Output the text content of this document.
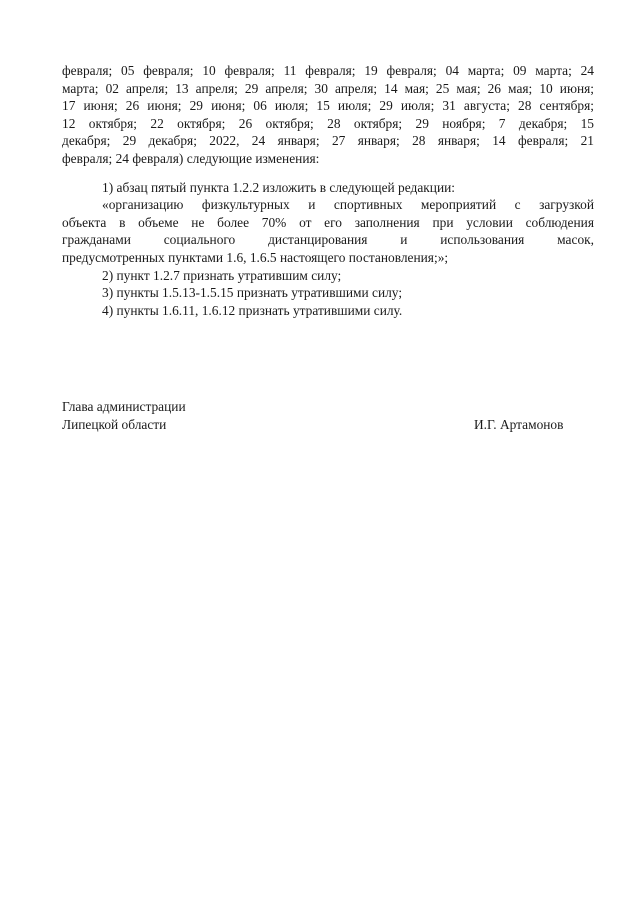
февраля; 05 февраля; 10 февраля; 11 февраля; 19 февраля; 04 марта; 09 марта; 24
марта; 02 апреля; 13 апреля; 29 апреля; 30 апреля; 14 мая; 25 мая; 26 мая; 10 июня;
17 июня; 26 июня; 29 июня; 06 июля; 15 июля; 29 июля; 31 августа; 28 сентября;
12 октября; 22 октября; 26 октября; 28 октября; 29 ноября; 7 декабря; 15
декабря; 29 декабря; 2022, 24 января; 27 января; 28 января; 14 февраля; 21
февраля; 24 февраля) следующие изменения:
1) абзац пятый пункта 1.2.2 изложить в следующей редакции:
«организацию физкультурных и спортивных мероприятий с загрузкой
объекта в объеме не более 70% от его заполнения при условии соблюдения
гражданами социального дистанцирования и использования масок,
предусмотренных пунктами 1.6, 1.6.5 настоящего постановления;»;
2) пункт 1.2.7 признать утратившим силу;
3) пункты 1.5.13-1.5.15 признать утратившими силу;
4) пункты 1.6.11, 1.6.12 признать утратившими силу.
Глава администрации
Липецкой области	И.Г. Артамонов
